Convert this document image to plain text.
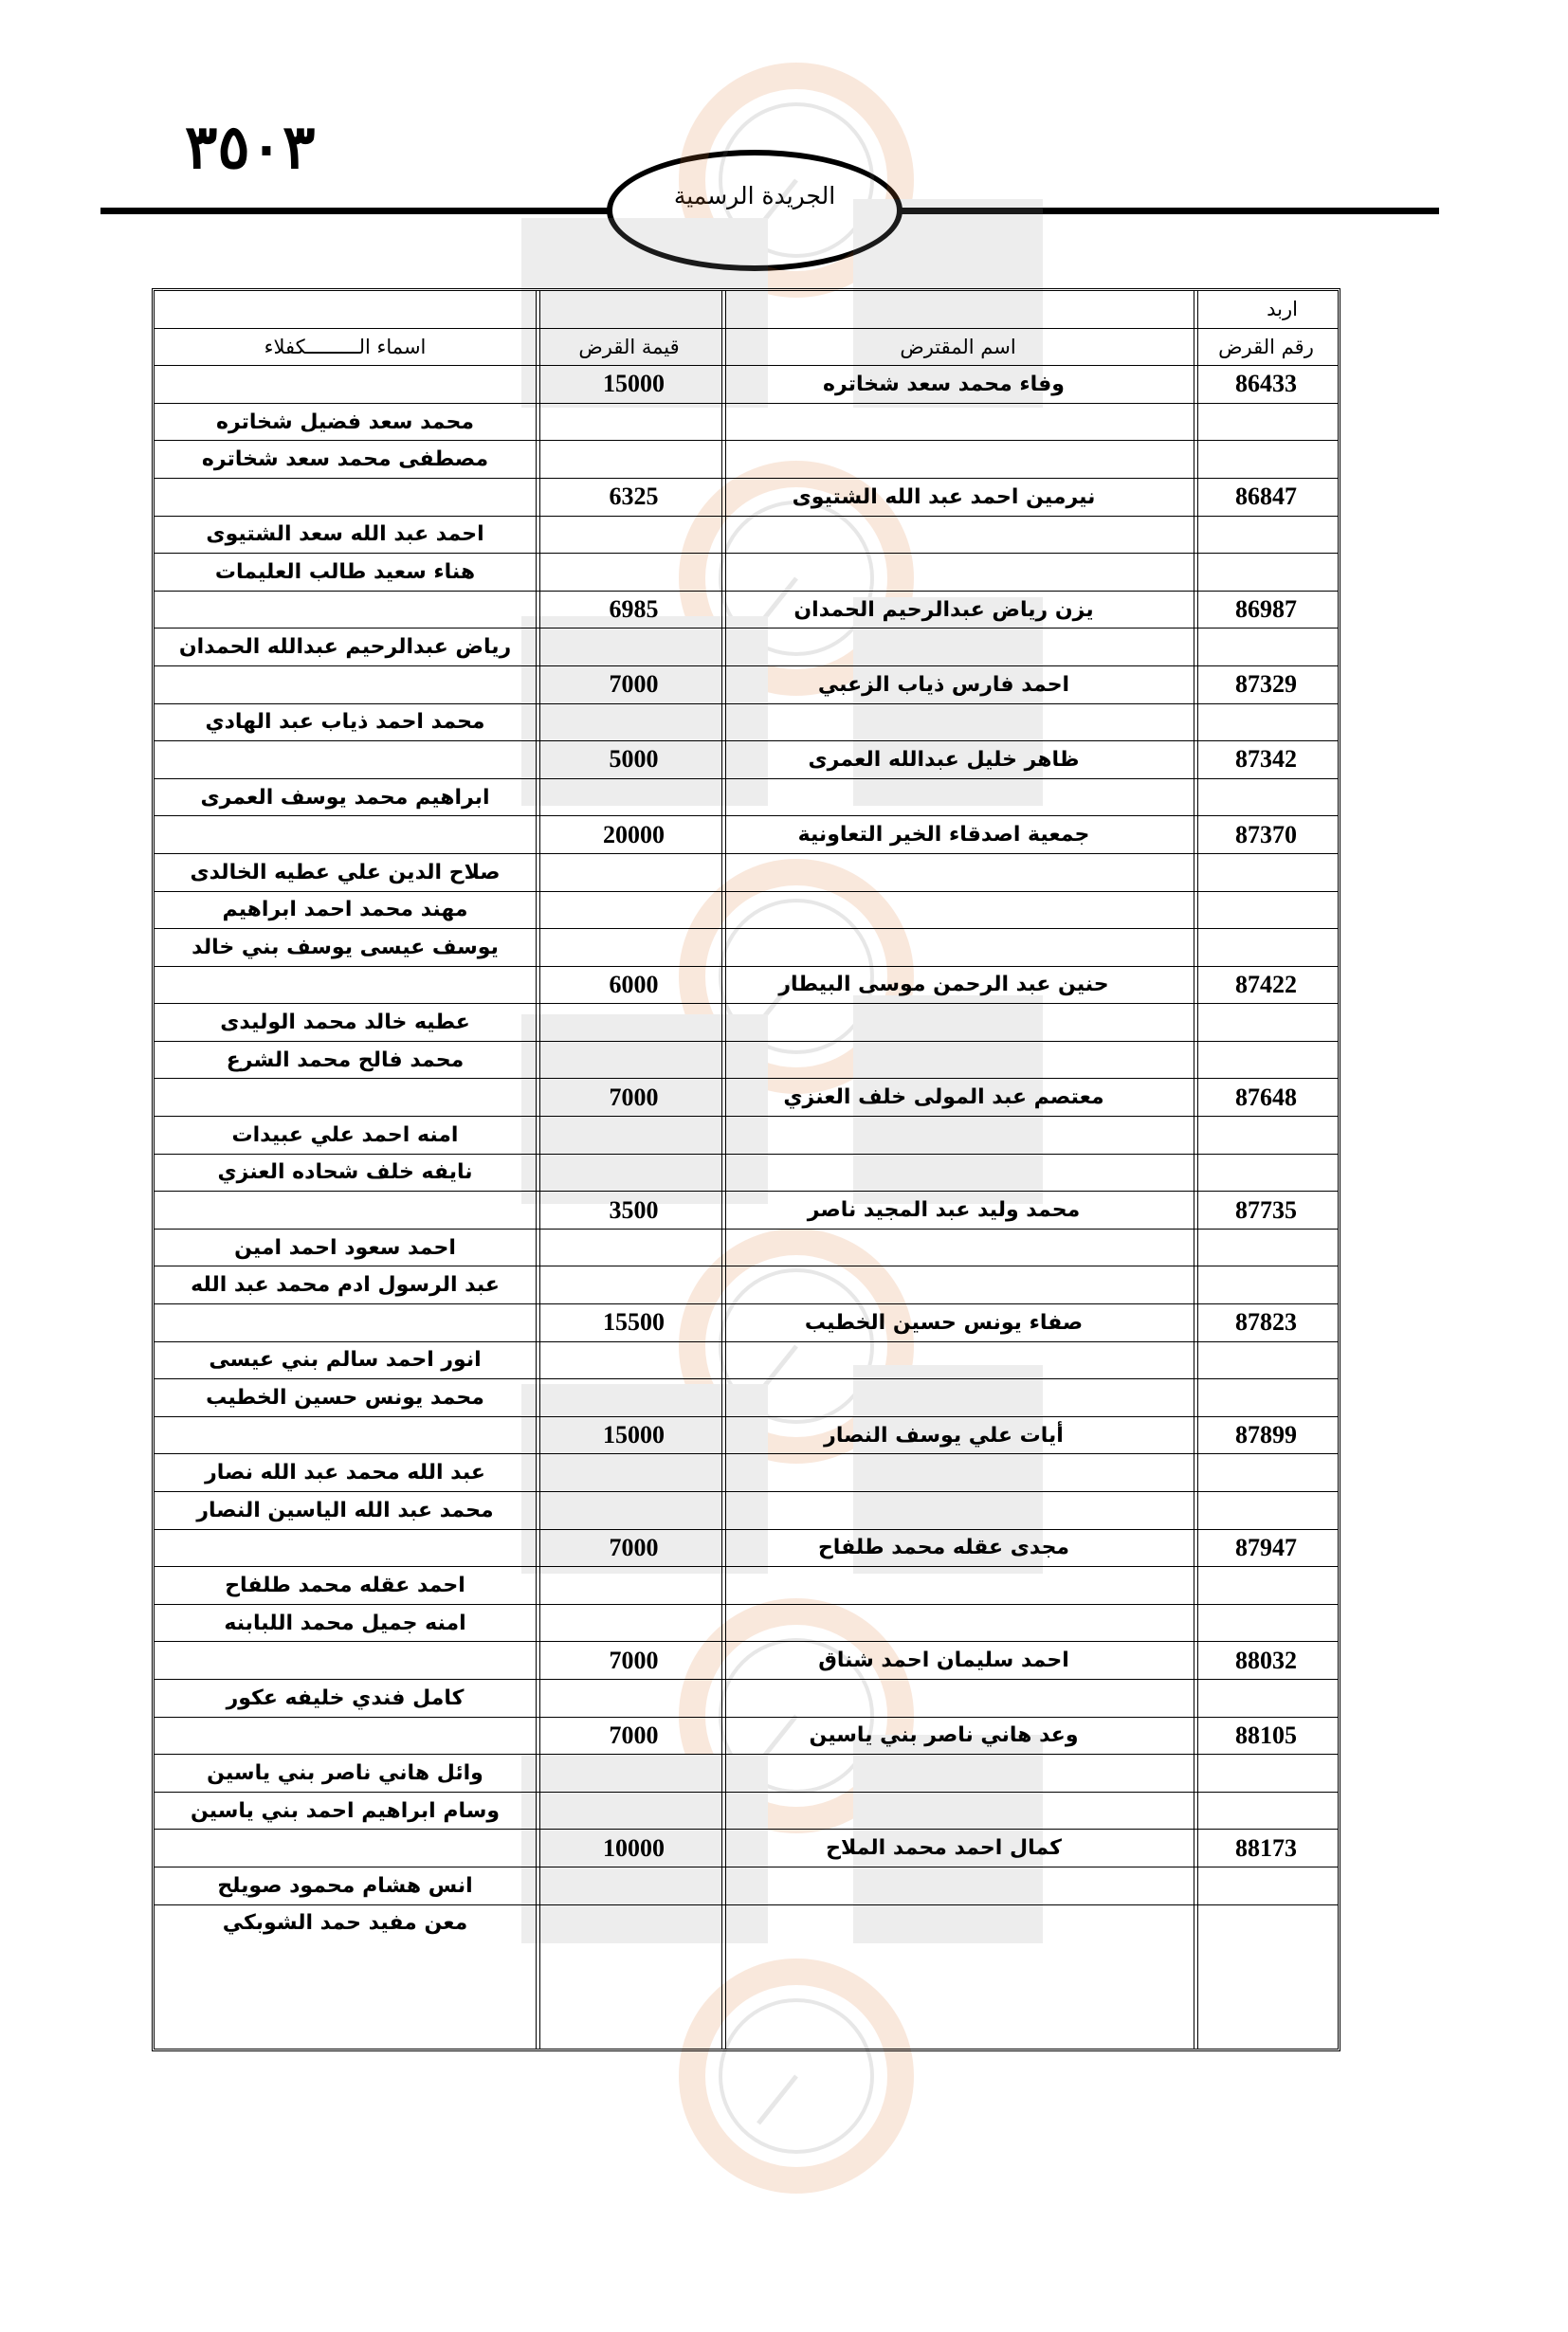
٣٥٠٣
الجريدة الرسمية
اربد
رقم القرض
اسم المقترض
قيمة القرض
اسماء الـــــــــكفلاء
86433
وفاء محمد سعد شخاتره
15000
محمد سعد فضيل شخاتره
مصطفى محمد سعد شخاتره
86847
نيرمين احمد عبد الله الشتيوى
6325
احمد عبد الله سعد الشتيوى
هناء سعيد طالب العليمات
86987
يزن رياض عبدالرحيم الحمدان
6985
رياض عبدالرحيم عبدالله الحمدان
87329
احمد فارس ذياب الزعبي
7000
محمد احمد ذياب عبد الهادي
87342
ظاهر خليل عبدالله العمرى
5000
ابراهيم محمد يوسف العمرى
87370
جمعية اصدقاء الخير التعاونية
20000
صلاح الدين علي عطيه الخالدى
مهند محمد احمد ابراهيم
يوسف عيسى يوسف بني خالد
87422
حنين عبد الرحمن موسى البيطار
6000
عطيه خالد محمد الوليدى
محمد فالح محمد الشرع
87648
معتصم عبد المولى خلف العنزي
7000
امنه احمد علي عبيدات
نايفه خلف شحاده العنزي
87735
محمد وليد عبد المجيد ناصر
3500
احمد سعود احمد امين
عبد الرسول ادم محمد عبد الله
87823
صفاء يونس حسين الخطيب
15500
انور احمد سالم بني عيسى
محمد يونس حسين الخطيب
87899
أيات علي يوسف النصار
15000
عبد الله محمد عبد الله نصار
محمد عبد الله الياسين النصار
87947
مجدى عقله محمد طلفاح
7000
احمد عقله محمد طلفاح
امنه جميل محمد اللبابنه
88032
احمد سليمان احمد شناق
7000
كامل فندي خليفه عكور
88105
وعد هاني ناصر بني ياسين
7000
وائل هاني ناصر بني ياسين
وسام ابراهيم احمد بني ياسين
88173
كمال احمد محمد الملاح
10000
انس هشام محمود صويلح
معن مفيد حمد الشوبكي
